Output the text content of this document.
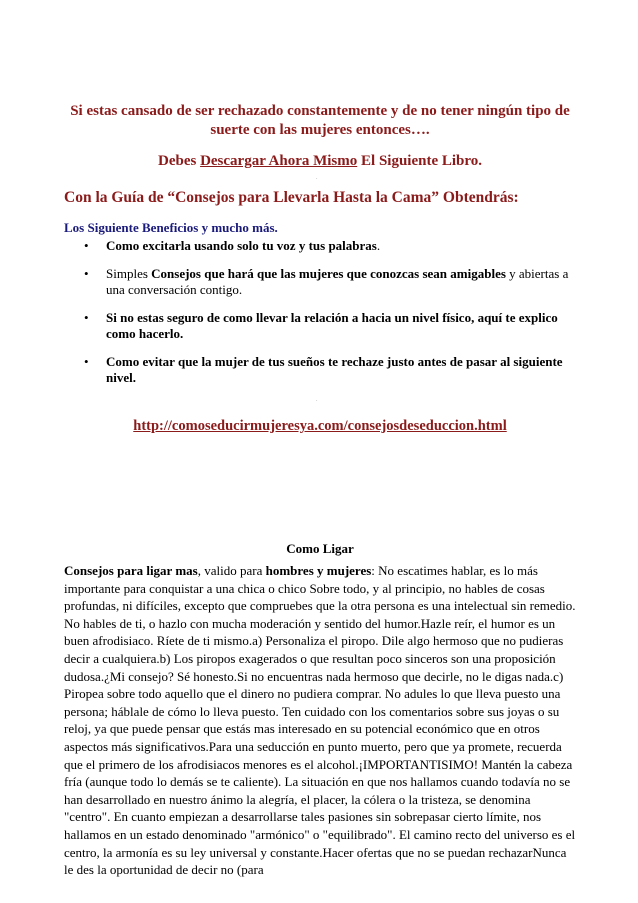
Si estas cansado de ser rechazado constantemente y de no tener ningún tipo de suerte con las mujeres entonces….
Debes Descargar Ahora Mismo El Siguiente Libro.
.
Con la Guía de “Consejos para Llevarla Hasta la Cama” Obtendrás:
Los Siguiente Beneficios y mucho más.
• Como excitarla usando solo tu voz y tus palabras.
• Simples Consejos que hará que las mujeres que conozcas sean amigables y abiertas a una conversación contigo.
• Si no estas seguro de como llevar la relación a hacia un nivel físico, aquí te explico como hacerlo.
• Como evitar que la mujer de tus sueños te rechaze justo antes de pasar al siguiente nivel.
.
http://comoseducirmujeresya.com/consejosdeseduccion.html
Como Ligar
Consejos para ligar mas, valido para hombres y mujeres: No escatimes hablar, es lo más importante para conquistar a una chica o chico Sobre todo, y al principio, no hables de cosas profundas, ni difíciles, excepto que compruebes que la otra persona es una intelectual sin remedio. No hables de ti, o hazlo con mucha moderación y sentido del humor.Hazle reír, el humor es un buen afrodisiaco. Ríete de ti mismo.a) Personaliza el piropo. Dile algo hermoso que no pudieras decir a cualquiera.b) Los piropos exagerados o que resultan poco sinceros son una proposición dudosa.¿Mi consejo? Sé honesto.Si no encuentras nada hermoso que decirle, no le digas nada.c) Piropea sobre todo aquello que el dinero no pudiera comprar. No adules lo que lleva puesto una persona; háblale de cómo lo lleva puesto. Ten cuidado con los comentarios sobre sus joyas o su reloj, ya que puede pensar que estás mas interesado en su potencial económico que en otros aspectos más significativos.Para una seducción en punto muerto, pero que ya promete, recuerda que el primero de los afrodisiacos menores es el alcohol.¡IMPORTANTISIMO! Mantén la cabeza fría (aunque todo lo demás se te caliente). La situación en que nos hallamos cuando todavía no se han desarrollado en nuestro ánimo la alegría, el placer, la cólera o la tristeza, se denomina "centro". En cuanto empiezan a desarrollarse tales pasiones sin sobrepasar cierto límite, nos hallamos en un estado denominado "armónico" o "equilibrado". El camino recto del universo es el centro, la armonía es su ley universal y constante.Hacer ofertas que no se puedan rechazarNunca le des la oportunidad de decir no (para
